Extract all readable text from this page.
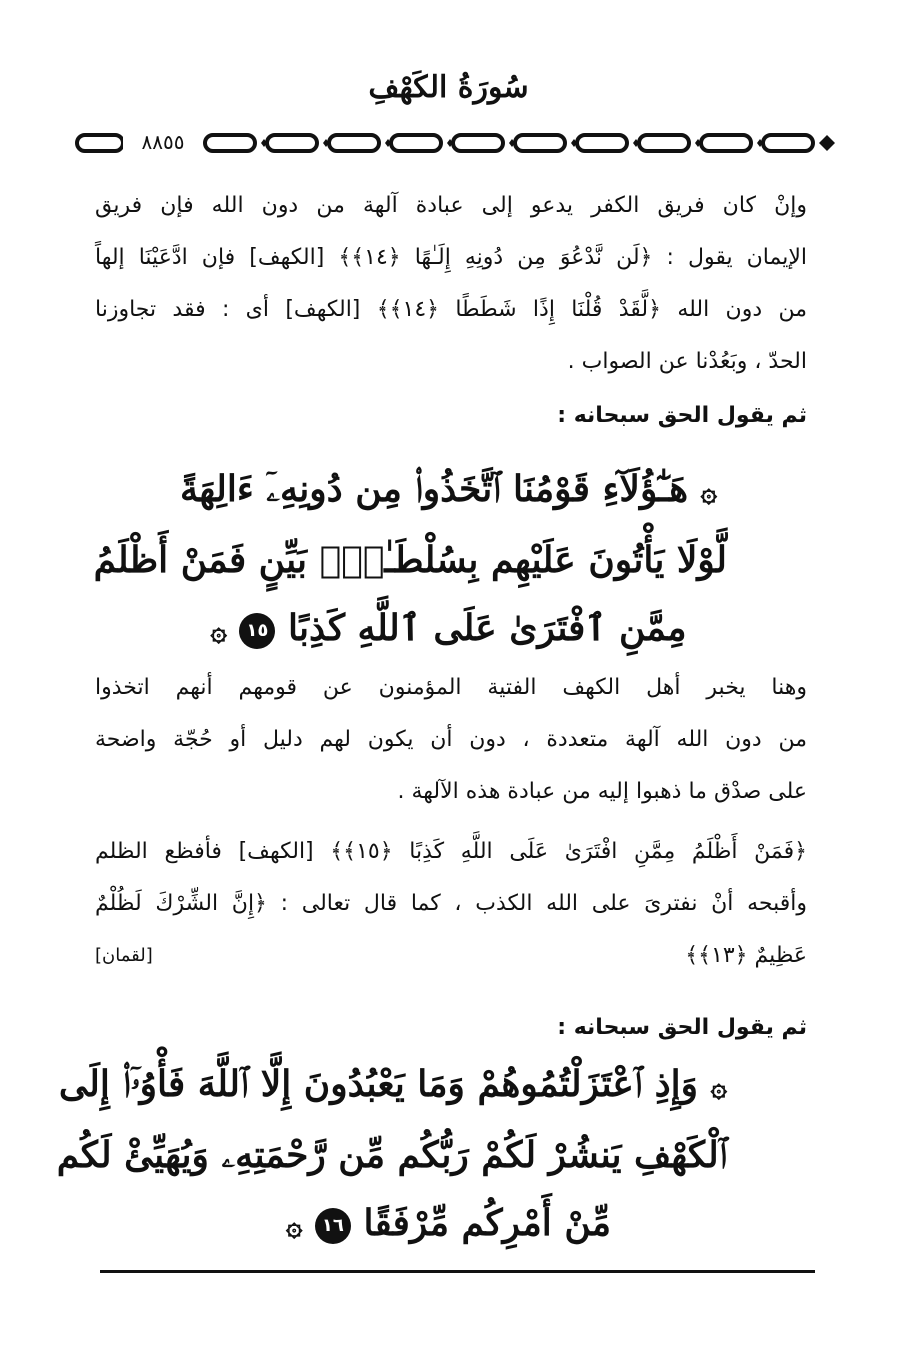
سُورَةُ الكَهْفِ
٨٨٥٥
وإنْ كان فريق الكفر يدعو إلى عبادة آلهة من دون الله فإن فريق
الإيمان يقول : ﴿لَن نَّدْعُوَ مِن دُونِهِ إِلَـٰهًا ﴿١٤﴾﴾ [الكهف] فإن ادَّعَيْنَا إلهاً
من دون الله ﴿لَّقَدْ قُلْنَا إِذًا شَطَطًا ﴿١٤﴾﴾ [الكهف] أى : فقد تجاوزنا
الحدّ ، وبَعُدْنا عن الصواب .
ثم يقول الحق سبحانه :
۞ هَـٰٓؤُلَآءِ قَوْمُنَا ٱتَّخَذُوا۟ مِن دُونِهِۦٓ ءَالِهَةً
لَّوْلَا يَأْتُونَ عَلَيْهِم بِسُلْطَـٰنٍۭ بَيِّنٍ فَمَنْ أَظْلَمُ
مِمَّنِ ٱفْتَرَىٰ عَلَى ٱللَّهِ كَذِبًا ١٥ ۞
وهنا يخبر أهل الكهف الفتية المؤمنون عن قومهم أنهم اتخذوا
من دون الله آلهة متعددة ، دون أن يكون لهم دليل أو حُجّة واضحة
على صدْق ما ذهبوا إليه من عبادة هذه الآلهة .
﴿فَمَنْ أَظْلَمُ مِمَّنِ افْتَرَىٰ عَلَى اللَّهِ كَذِبًا ﴿١٥﴾﴾ [الكهف] فأفظع الظلم
وأقبحه أنْ نفترىَ على الله الكذب ، كما قال تعالى : ﴿إِنَّ الشِّرْكَ لَظُلْمٌ
عَظِيمٌ ﴿١٣﴾﴾
[لقمان]
ثم يقول الحق سبحانه :
۞ وَإِذِ ٱعْتَزَلْتُمُوهُمْ وَمَا يَعْبُدُونَ إِلَّا ٱللَّهَ فَأْوُۥٓا۟ إِلَى
ٱلْكَهْفِ يَنشُرْ لَكُمْ رَبُّكُم مِّن رَّحْمَتِهِۦ وَيُهَيِّئْ لَكُم
مِّنْ أَمْرِكُم مِّرْفَقًا ١٦ ۞
